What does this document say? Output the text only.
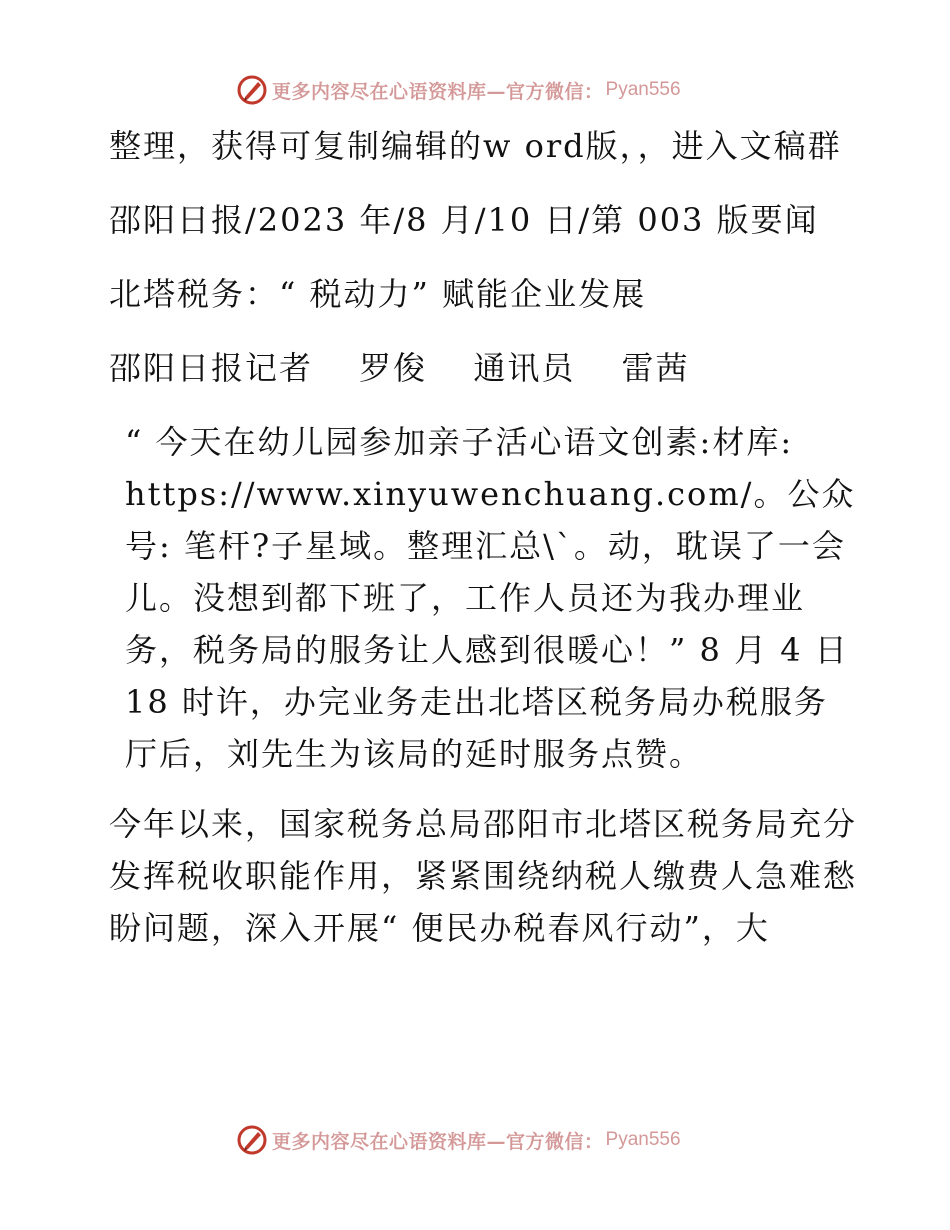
更多内容尽在心语资料库—官方微信： Pyan556

整理，获得可复制编辑的w ord版，，进入文稿群

邵阳日报/2023 年/8 月/10 日/第 003 版要闻

北塔税务：“ 税动力” 赋能企业发展

邵阳日报记者　 罗俊　 通讯员　 雷茜

“ 今天在幼儿园参加亲子活心语文创素:材库: https://www.xinyuwenchuang.com/。公众号: 笔杆?子星域。整理汇总\`。动，耽误了一会儿。没想到都下班了，工作人员还为我办理业务，税务局的服务让人感到很暖心！” 8 月 4 日 18 时许，办完业务走出北塔区税务局办税服务厅后，刘先生为该局的延时服务点赞。

今年以来，国家税务总局邵阳市北塔区税务局充分发挥税收职能作用，紧紧围绕纳税人缴费人急难愁盼问题，深入开展“ 便民办税春风行动”，大

更多内容尽在心语资料库—官方微信： Pyan556
